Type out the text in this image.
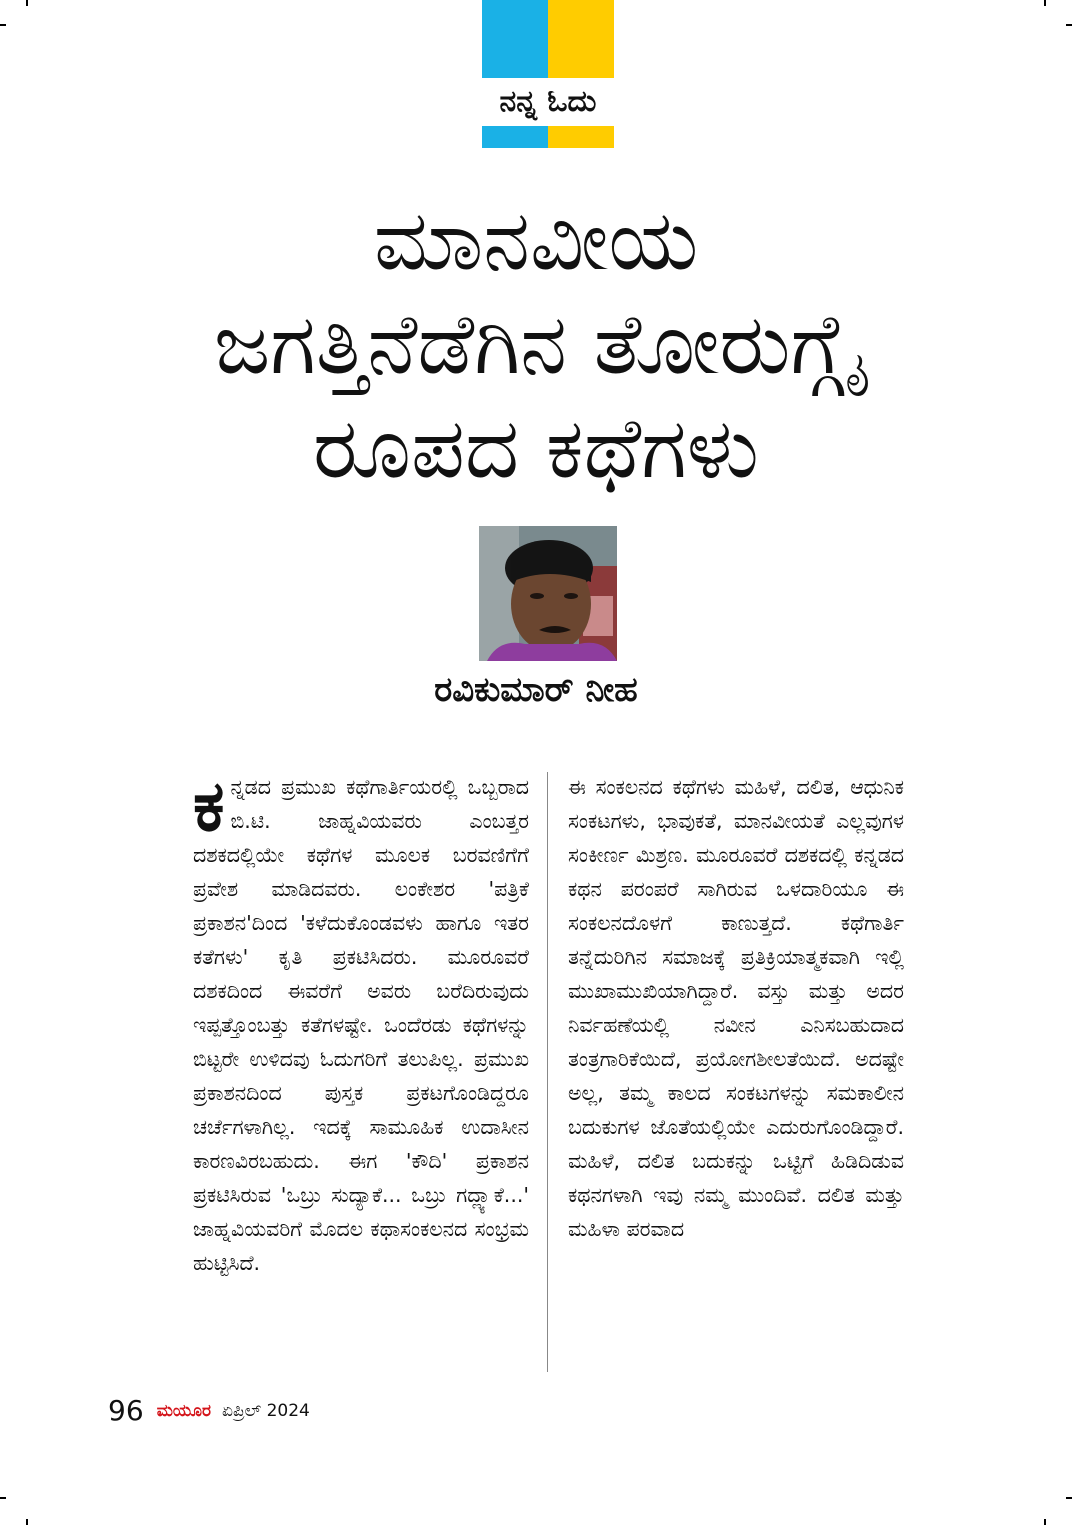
ನನ್ನ ಓದು
ಮಾನವೀಯ
ಜಗತ್ತಿನೆಡೆಗಿನ ತೋರುಗ್ಗೈ
ರೂಪದ ಕಥೆಗಳು
ರವಿಕುಮಾರ್ ನೀಹ
ಕ ನ್ನಡದ ಪ್ರಮುಖ ಕಥೆಗಾರ್ತಿಯರಲ್ಲಿ ಒಬ್ಬರಾದ ಬಿ.ಟಿ. ಜಾಹ್ನವಿಯವರು ಎಂಬತ್ತರ ದಶಕದಲ್ಲಿಯೇ ಕಥೆಗಳ ಮೂಲಕ ಬರವಣಿಗೆಗೆ ಪ್ರವೇಶ ಮಾಡಿದವರು. ಲಂಕೇಶರ 'ಪತ್ರಿಕೆ ಪ್ರಕಾಶನ'ದಿಂದ 'ಕಳೆದುಕೊಂಡವಳು ಹಾಗೂ ಇತರ ಕತೆಗಳು' ಕೃತಿ ಪ್ರಕಟಿಸಿದರು. ಮೂರೂವರೆ ದಶಕದಿಂದ ಈವರೆಗೆ ಅವರು ಬರೆದಿರುವುದು ಇಪ್ಪತ್ತೊಂಬತ್ತು ಕತೆಗಳಷ್ಟೇ. ಒಂದೆರಡು ಕಥೆಗಳನ್ನು ಬಿಟ್ಟರೇ ಉಳಿದವು ಓದುಗರಿಗೆ ತಲುಪಿಲ್ಲ. ಪ್ರಮುಖ ಪ್ರಕಾಶನದಿಂದ ಪುಸ್ತಕ ಪ್ರಕಟಗೊಂಡಿದ್ದರೂ ಚರ್ಚೆಗಳಾಗಿಲ್ಲ. ಇದಕ್ಕೆ ಸಾಮೂಹಿಕ ಉದಾಸೀನ ಕಾರಣವಿರಬಹುದು. ಈಗ 'ಕೌದಿ' ಪ್ರಕಾಶನ ಪ್ರಕಟಿಸಿರುವ 'ಒಬ್ರು ಸುದ್ಯಾಕೆ... ಒಬ್ರು ಗದ್ಲ್ಯಾಕೆ...' ಜಾಹ್ನವಿಯವರಿಗೆ ಮೊದಲ ಕಥಾಸಂಕಲನದ ಸಂಭ್ರಮ ಹುಟ್ಟಿಸಿದೆ.

ಈ ಸಂಕಲನದ ಕಥೆಗಳು ಮಹಿಳೆ, ದಲಿತ, ಆಧುನಿಕ ಸಂಕಟಗಳು, ಭಾವುಕತೆ, ಮಾನವೀಯತೆ ಎಲ್ಲವುಗಳ ಸಂಕೀರ್ಣ ಮಿಶ್ರಣ. ಮೂರೂವರೆ ದಶಕದಲ್ಲಿ ಕನ್ನಡದ ಕಥನ ಪರಂಪರೆ ಸಾಗಿರುವ ಒಳದಾರಿಯೂ ಈ ಸಂಕಲನದೊಳಗೆ ಕಾಣುತ್ತದೆ. ಕಥೆಗಾರ್ತಿ ತನ್ನೆದುರಿಗಿನ ಸಮಾಜಕ್ಕೆ ಪ್ರತಿಕ್ರಿಯಾತ್ಮಕವಾಗಿ ಇಲ್ಲಿ ಮುಖಾಮುಖಿಯಾಗಿದ್ದಾರೆ. ವಸ್ತು ಮತ್ತು ಅದರ ನಿರ್ವಹಣೆಯಲ್ಲಿ ನವೀನ ಎನಿಸಬಹುದಾದ ತಂತ್ರಗಾರಿಕೆಯಿದೆ, ಪ್ರಯೋಗಶೀಲತೆಯಿದೆ. ಅದಷ್ಟೇ ಅಲ್ಲ, ತಮ್ಮ ಕಾಲದ ಸಂಕಟಗಳನ್ನು ಸಮಕಾಲೀನ ಬದುಕುಗಳ ಜೊತೆಯಲ್ಲಿಯೇ ಎದುರುಗೊಂಡಿದ್ದಾರೆ. ಮಹಿಳೆ, ದಲಿತ ಬದುಕನ್ನು ಒಟ್ಟಿಗೆ ಹಿಡಿದಿಡುವ ಕಥನಗಳಾಗಿ ಇವು ನಮ್ಮ ಮುಂದಿವೆ. ದಲಿತ ಮತ್ತು ಮಹಿಳಾ ಪರವಾದ

96 ಮಯೂರ ಏಪ್ರಿಲ್ 2024
